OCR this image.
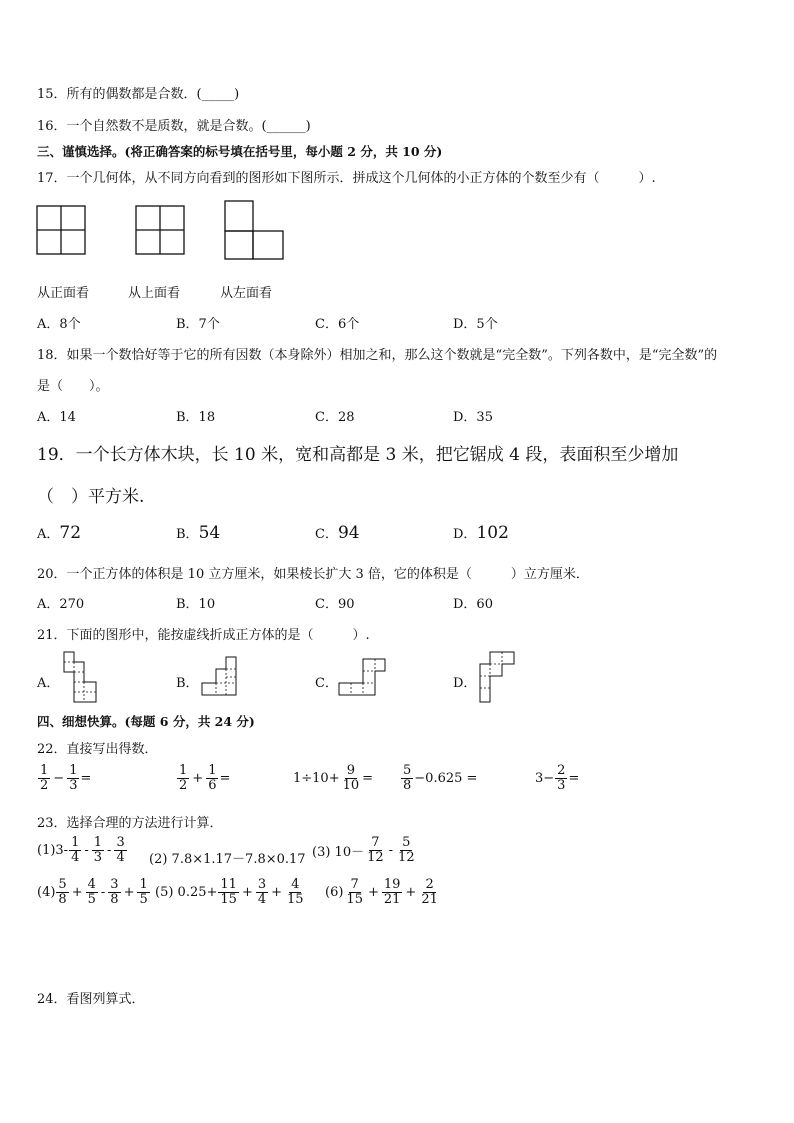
15．所有的偶数都是合数．(_____)
16．一个自然数不是质数，就是合数。(______)
三、谨慎选择。(将正确答案的标号填在括号里，每小题 2 分，共 10 分)
17．一个几何体，从不同方向看到的图形如下图所示．拼成这个几何体的小正方体的个数至少有（　　　）.
从正面看	从上面看	从左面看
A．8个	B．7个	C．6个	D．5个
18．如果一个数恰好等于它的所有因数（本身除外）相加之和，那么这个数就是“完全数”。下列各数中，是“完全数”的
是（　　）。
A．14	B．18	C．28	D．35
19．一个长方体木块，长 10 米，宽和高都是 3 米，把它锯成 4 段，表面积至少增加
（　）平方米.
A．72	B．54	C．94	D．102
20．一个正方体的体积是 10 立方厘米，如果棱长扩大 3 倍，它的体积是（　　　）立方厘米．
A．270	B．10	C．90	D．60
21．下面的图形中，能按虚线折成正方体的是（　　　）.
A．	B．	C．	D．
四、细想快算。(每题 6 分，共 24 分)
22．直接写出得数．
$\frac{1}{2} - \frac{1}{3}$ =	$\frac{1}{2} + \frac{1}{6}$ =	$1\div 10+ \frac{9}{10} = \frac{5}{8} -0.625$ =	$3- \frac{2}{3}$ =
23．选择合理的方法进行计算．
$(1)3- \frac{1}{4} - \frac{1}{3} - \frac{3}{4} (2)$ 7.8×1.17－7.8×0.17 (3) $10- \frac{7}{12} - \frac{5}{12}$
$(4) \frac{5}{8} + \frac{4}{5} - \frac{3}{8} + \frac{1}{5} (5)$ $0.25+ \frac{11}{15} + \frac{3}{4} + \frac{4}{15} (6) \frac{7}{15} + \frac{19}{21} + \frac{2}{21}$
24．看图列算式．
